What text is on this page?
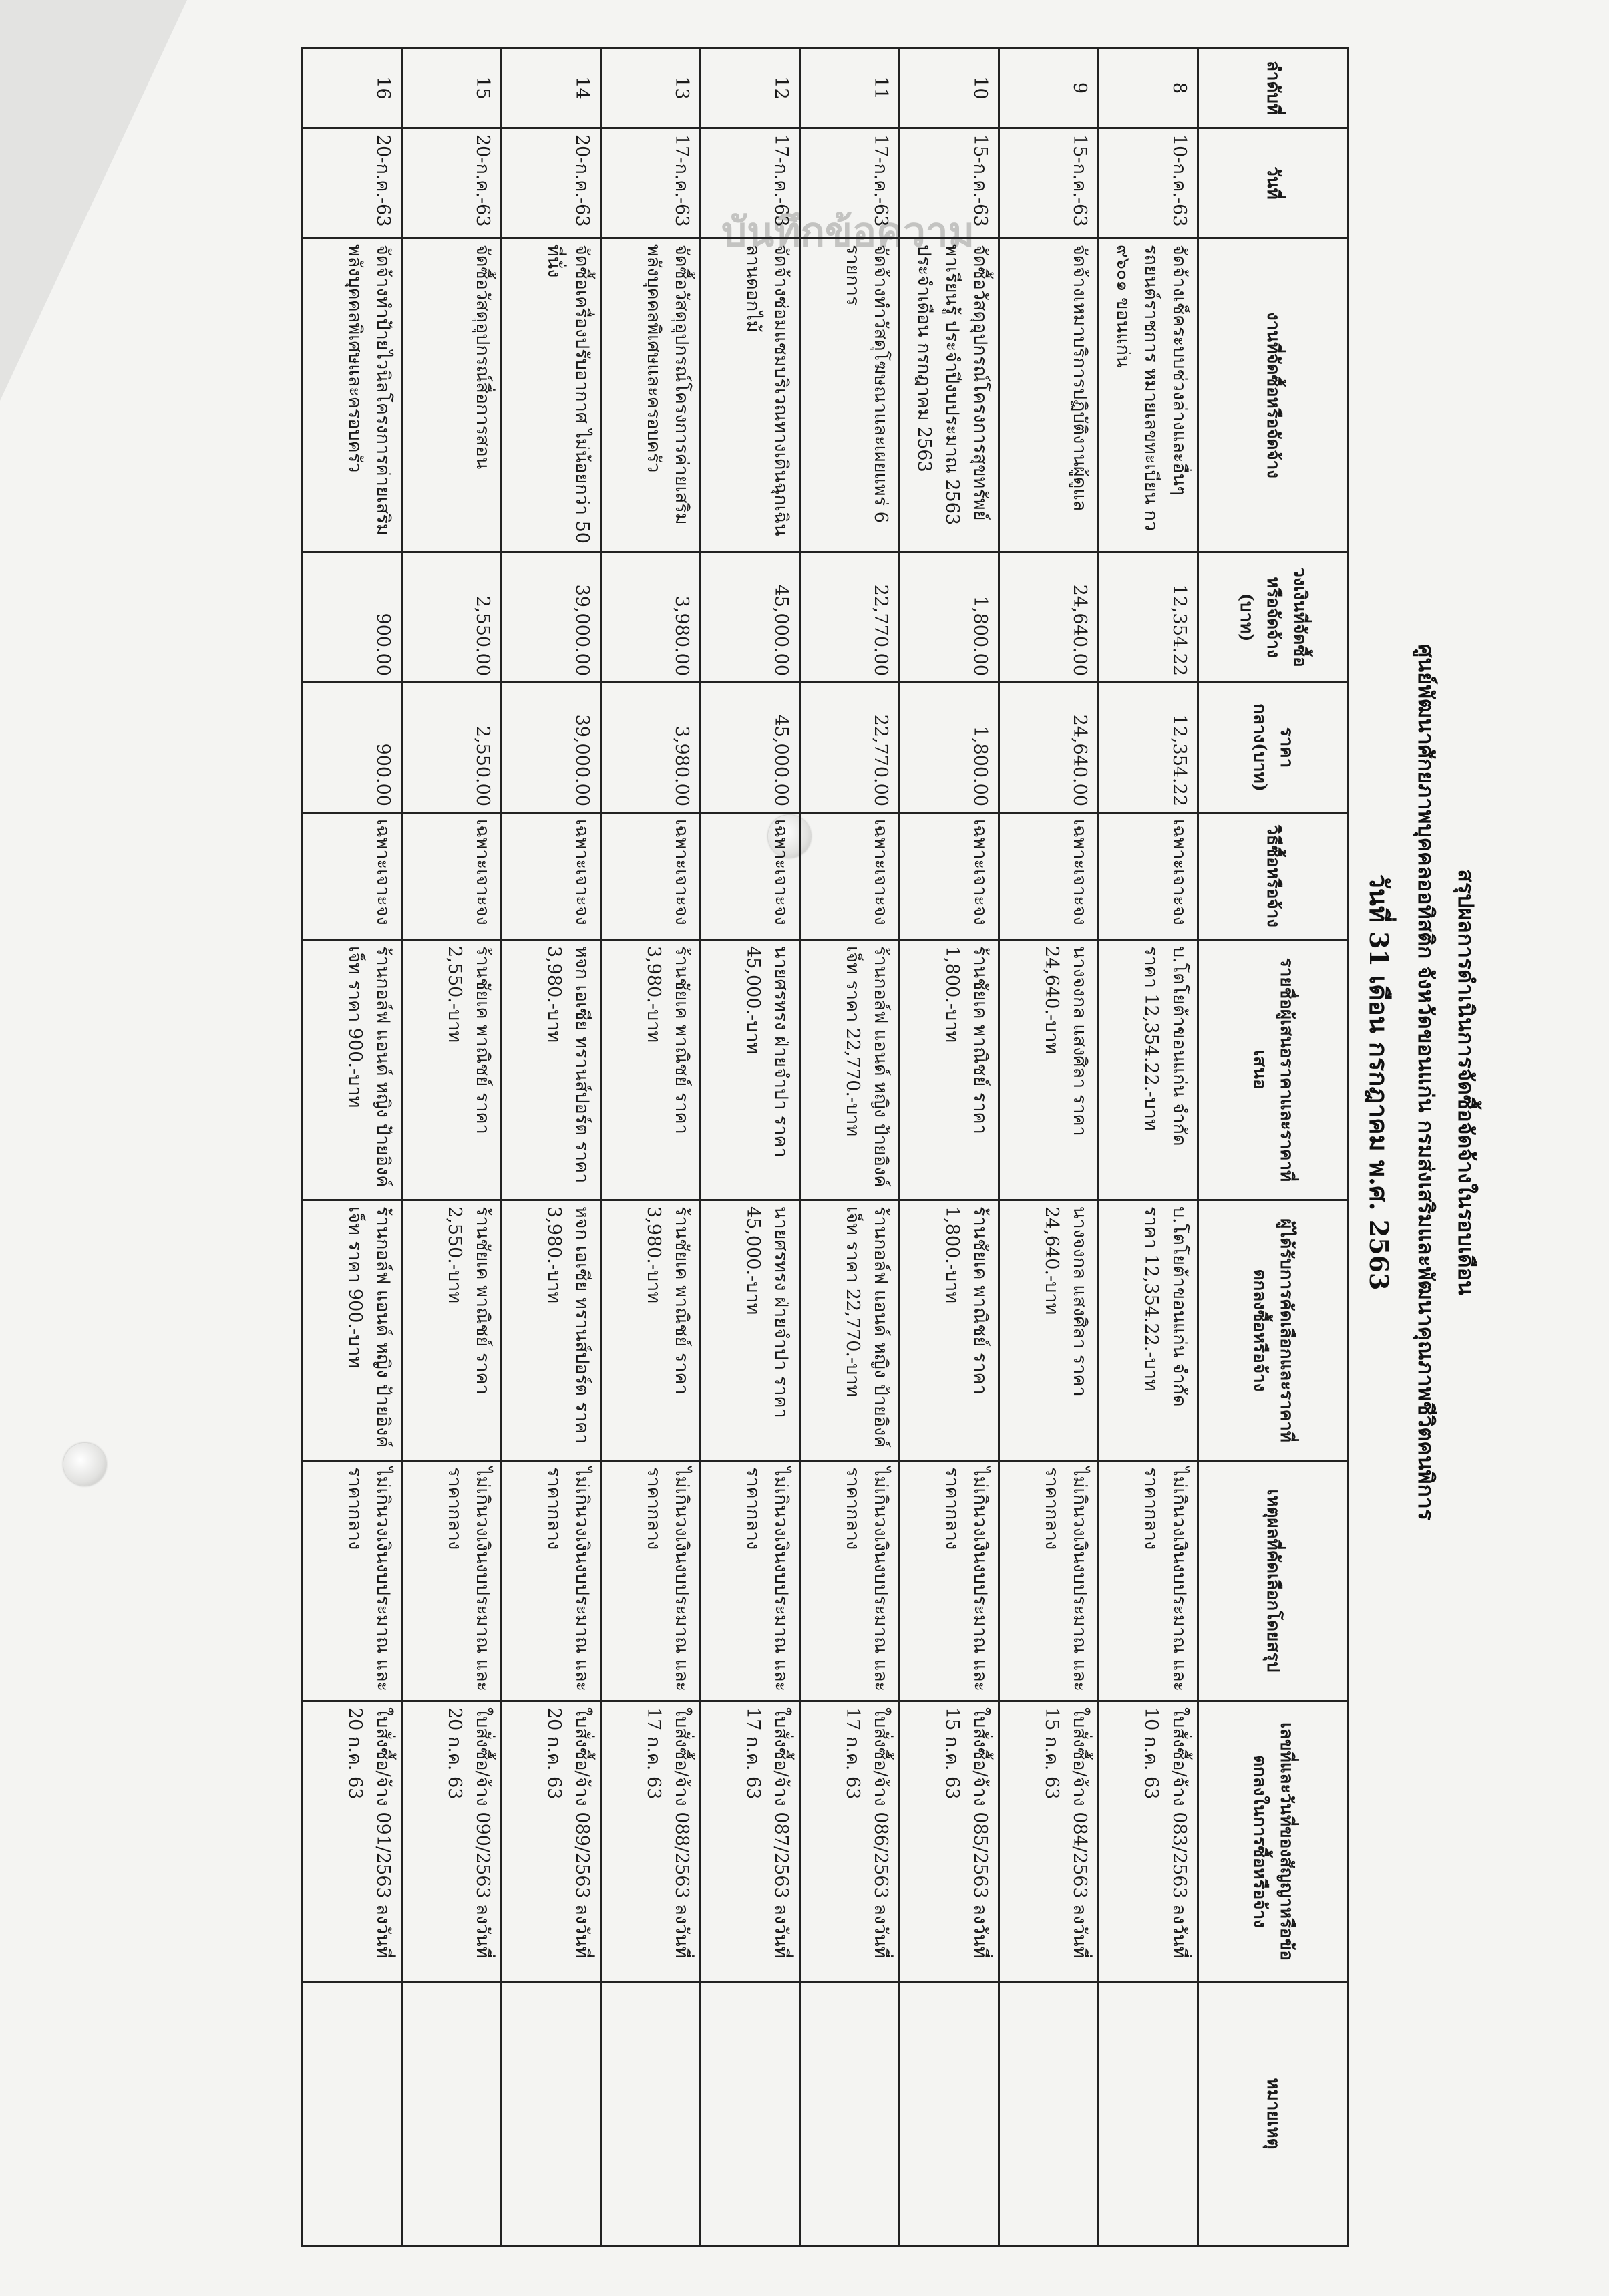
บันทึกข้อความ
สรุปผลการดำเนินการจัดซื้อจัดจ้างในรอบเดือน
ศูนย์พัฒนาศักยภาพบุคคลออทิสติก จังหวัดขอนแก่น กรมส่งเสริมและพัฒนาคุณภาพชีวิตคนพิการ
วันที่ 31 เดือน กรกฎาคม พ.ศ. 2563
ลำดับที่	วันที่	งานที่จัดซื้อหรือจัดจ้าง	วงเงินที่จัดซื้อหรือจัดจ้าง (บาท)	ราคากลาง(บาท)	วิธีซื้อหรือจ้าง	รายชื่อผู้เสนอราคาและราคาที่เสนอ	ผู้ได้รับการคัดเลือกและราคาที่ตกลงซื้อหรือจ้าง	เหตุผลที่คัดเลือกโดยสรุป	เลขที่และวันที่ของสัญญาหรือข้อตกลงในการซื้อหรือจ้าง	หมายเหตุ
8	10-ก.ค.-63	จัดจ้างเช็คระบบช่วงล่างและอื่นๆ รถยนต์ราชการ หมายเลขทะเบียน กว ๙๖๐๑ ขอนแก่น	12,354.22	12,354.22	เฉพาะเจาะจง	บ.โตโยต้าขอนแก่น จำกัด ราคา 12,354.22.-บาท	บ.โตโยต้าขอนแก่น จำกัด ราคา 12,354.22.-บาท	ไม่เกินวงเงินงบประมาณ และราคากลาง	ใบสั่งซื้อ/จ้าง 083/2563 ลงวันที่ 10 ก.ค. 63	
9	15-ก.ค.-63	จัดจ้างเหมาบริการปฏิบัติงานผู้ดูแล	24,640.00	24,640.00	เฉพาะเจาะจง	นางจงกล แสงศิลา ราคา 24,640.-บาท	นางจงกล แสงศิลา ราคา 24,640.-บาท	ไม่เกินวงเงินงบประมาณ และราคากลาง	ใบสั่งซื้อ/จ้าง 084/2563 ลงวันที่ 15 ก.ค. 63	
10	15-ก.ค.-63	จัดซื้อวัสดุอุปกรณ์โครงการสุขทรัพย์ พาเรียนรู้ ประจำปีงบประมาณ 2563 ประจำเดือน กรกฎาคม 2563	1,800.00	1,800.00	เฉพาะเจาะจง	ร้านชัยเค พาณิชย์ ราคา 1,800.-บาท	ร้านชัยเค พาณิชย์ ราคา 1,800.-บาท	ไม่เกินวงเงินงบประมาณ และราคากลาง	ใบสั่งซื้อ/จ้าง 085/2563 ลงวันที่ 15 ก.ค. 63	
11	17-ก.ค.-63	จัดจ้างทำวัสดุโฆษณาและเผยแพร่ 6 รายการ	22,770.00	22,770.00	เฉพาะเจาะจง	ร้านกอล์ฟ แอนด์ หญิง ป้ายอิงค์เจ็ท ราคา 22,770.-บาท	ร้านกอล์ฟ แอนด์ หญิง ป้ายอิงค์เจ็ท ราคา 22,770.-บาท	ไม่เกินวงเงินงบประมาณ และราคากลาง	ใบสั่งซื้อ/จ้าง 086/2563 ลงวันที่ 17 ก.ค. 63	
12	17-ก.ค.-63	จัดจ้างซ่อมแซมบริเวณทางเดินฉุกเฉินลานดอกไม้	45,000.00	45,000.00	เฉพาะเจาะจง	นายศรทรง ฝ่ายจำปา ราคา 45,000.-บาท	นายศรทรง ฝ่ายจำปา ราคา 45,000.-บาท	ไม่เกินวงเงินงบประมาณ และราคากลาง	ใบสั่งซื้อ/จ้าง 087/2563 ลงวันที่ 17 ก.ค. 63	
13	17-ก.ค.-63	จัดซื้อวัสดุอุปกรณ์โครงการค่ายเสริมพลังบุคคลพิเศษและครอบครัว	3,980.00	3,980.00	เฉพาะเจาะจง	ร้านชัยเค พาณิชย์ ราคา 3,980.-บาท	ร้านชัยเค พาณิชย์ ราคา 3,980.-บาท	ไม่เกินวงเงินงบประมาณ และราคากลาง	ใบสั่งซื้อ/จ้าง 088/2563 ลงวันที่ 17 ก.ค. 63	
14	20-ก.ค.-63	จัดซื้อเครื่องปรับอากาศ ไม่น้อยกว่า 50 ที่นั่ง	39,000.00	39,000.00	เฉพาะเจาะจง	หจก เอเซีย ทรานส์ปอร์ต ราคา 3,980.-บาท	หจก เอเซีย ทรานส์ปอร์ต ราคา 3,980.-บาท	ไม่เกินวงเงินงบประมาณ และราคากลาง	ใบสั่งซื้อ/จ้าง 089/2563 ลงวันที่ 20 ก.ค. 63	
15	20-ก.ค.-63	จัดซื้อวัสดุอุปกรณ์สื่อการสอน	2,550.00	2,550.00	เฉพาะเจาะจง	ร้านชัยเค พาณิชย์ ราคา 2,550.-บาท	ร้านชัยเค พาณิชย์ ราคา 2,550.-บาท	ไม่เกินวงเงินงบประมาณ และราคากลาง	ใบสั่งซื้อ/จ้าง 090/2563 ลงวันที่ 20 ก.ค. 63	
16	20-ก.ค.-63	จัดจ้างทำป้ายไวนิลโครงการค่ายเสริมพลังบุคคลพิเศษและครอบครัว	900.00	900.00	เฉพาะเจาะจง	ร้านกอล์ฟ แอนด์ หญิง ป้ายอิงค์เจ็ท ราคา 900.-บาท	ร้านกอล์ฟ แอนด์ หญิง ป้ายอิงค์เจ็ท ราคา 900.-บาท	ไม่เกินวงเงินงบประมาณ และราคากลาง	ใบสั่งซื้อ/จ้าง 091/2563 ลงวันที่ 20 ก.ค. 63	
